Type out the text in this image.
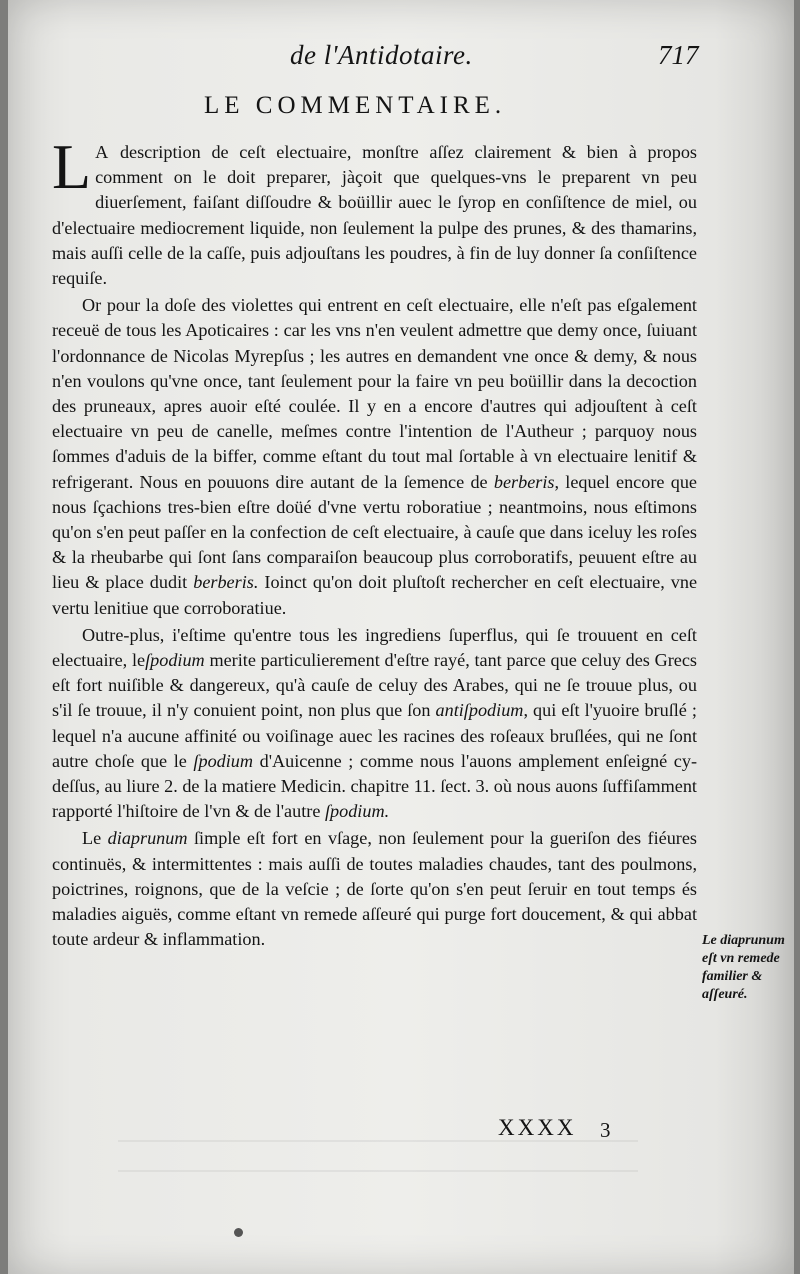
de l'Antidotaire.	717
LE COMMENTAIRE.

L A description de ceſt electuaire, monſtre aſſez clairement & bien à propos comment on le doit preparer, jàçoit que quelques-vns le preparent vn peu diuerſement, faiſant diſſoudre & boüillir auec le ſyrop en conſiſtence de miel, ou d'electuaire mediocrement liquide, non ſeulement la pulpe des prunes, & des thamarins, mais auſſi celle de la caſſe, puis adjouſtans les poudres, à fin de luy donner ſa conſiſtence requiſe.

Or pour la doſe des violettes qui entrent en ceſt electuaire, elle n'eſt pas eſgalement receuë de tous les Apoticaires : car les vns n'en veulent admettre que demy once, ſuiuant l'ordonnance de Nicolas Myrepſus ; les autres en demandent vne once & demy, & nous n'en voulons qu'vne once, tant ſeulement pour la faire vn peu boüillir dans la decoction des pruneaux, apres auoir eſté coulée. Il y en a encore d'autres qui adjouſtent à ceſt electuaire vn peu de canelle, meſmes contre l'intention de l'Autheur ; parquoy nous ſommes d'aduis de la biffer, comme eſtant du tout mal ſortable à vn electuaire lenitif & refrigerant. Nous en pouuons dire autant de la ſemence de berberis, lequel encore que nous ſçachions tres-bien eſtre doüé d'vne vertu roboratiue ; neantmoins, nous eſtimons qu'on s'en peut paſſer en la confection de ceſt electuaire, à cauſe que dans iceluy les roſes & la rheubarbe qui ſont ſans comparaiſon beaucoup plus corroboratifs, peuuent eſtre au lieu & place dudit berberis. Ioinct qu'on doit pluſtoſt rechercher en ceſt electuaire, vne vertu lenitiue que corroboratiue.

Outre-plus, i'eſtime qu'entre tous les ingrediens ſuperflus, qui ſe trouuent en ceſt electuaire, leſpodium merite particulierement d'eſtre rayé, tant parce que celuy des Grecs eſt fort nuiſible & dangereux, qu'à cauſe de celuy des Arabes, qui ne ſe trouue plus, ou s'il ſe trouue, il n'y conuient point, non plus que ſon antiſpodium, qui eſt l'yuoire bruſlé ; lequel n'a aucune affinité ou voiſinage auec les racines des roſeaux bruſlées, qui ne ſont autre choſe que le ſpodium d'Auicenne ; comme nous l'auons amplement enſeigné cy-deſſus, au liure 2. de la matiere Medicin. chapitre 11. ſect. 3. où nous auons ſuffiſamment rapporté l'hiſtoire de l'vn & de l'autre ſpodium.

Le diaprunum ſimple eſt fort en vſage, non ſeulement pour la gueriſon des fiéures continuës, & intermittentes : mais auſſi de toutes maladies chaudes, tant des poulmons, poictrines, roignons, que de la veſcie ; de ſorte qu'on s'en peut ſeruir en tout temps és maladies aiguës, comme eſtant vn remede aſſeuré qui purge fort doucement, & qui abbat toute ardeur & inflammation.	Le diaprunum eſt vn remede familier & aſſeuré.
XXXX 3
